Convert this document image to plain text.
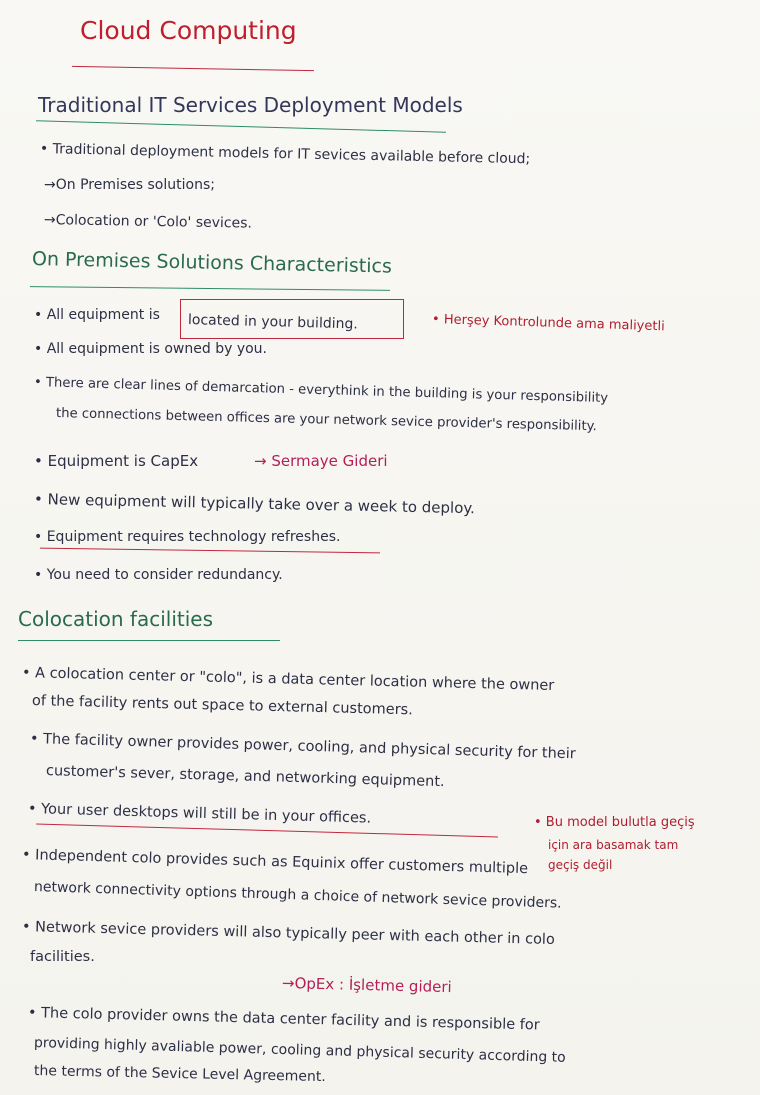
Cloud Computing
Traditional IT Services Deployment Models
• Traditional deployment models for IT sevices available before cloud;
→On Premises solutions;
→Colocation or 'Colo' sevices.
On Premises Solutions Characteristics
• All equipment is located in your building.	• Herşey Kontrolunde ama maliyetli
• All equipment is owned by you.
• There are clear lines of demarcation - everythink in the building is your responsibility
the connections between offices are your network sevice provider's responsibility.
• Equipment is CapEx	→ Sermaye Gideri
• New equipment will typically take over a week to deploy.
• Equipment requires technology refreshes.
• You need to consider redundancy.
Colocation facilities
• A colocation center or "colo", is a data center location where the owner
of the facility rents out space to external customers.
• The facility owner provides power, cooling, and physical security for their
customer's sever, storage, and networking equipment.
• Your user desktops will still be in your offices.	• Bu model bulutla geçiş
için ara basamak tam
geçiş değil
• Independent colo provides such as Equinix offer customers multiple
network connectivity options through a choice of network sevice providers.
• Network sevice providers will also typically peer with each other in colo
facilities.
→OpEx : İşletme gideri
• The colo provider owns the data center facility and is responsible for
providing highly avaliable power, cooling and physical security according to
the terms of the Sevice Level Agreement.
